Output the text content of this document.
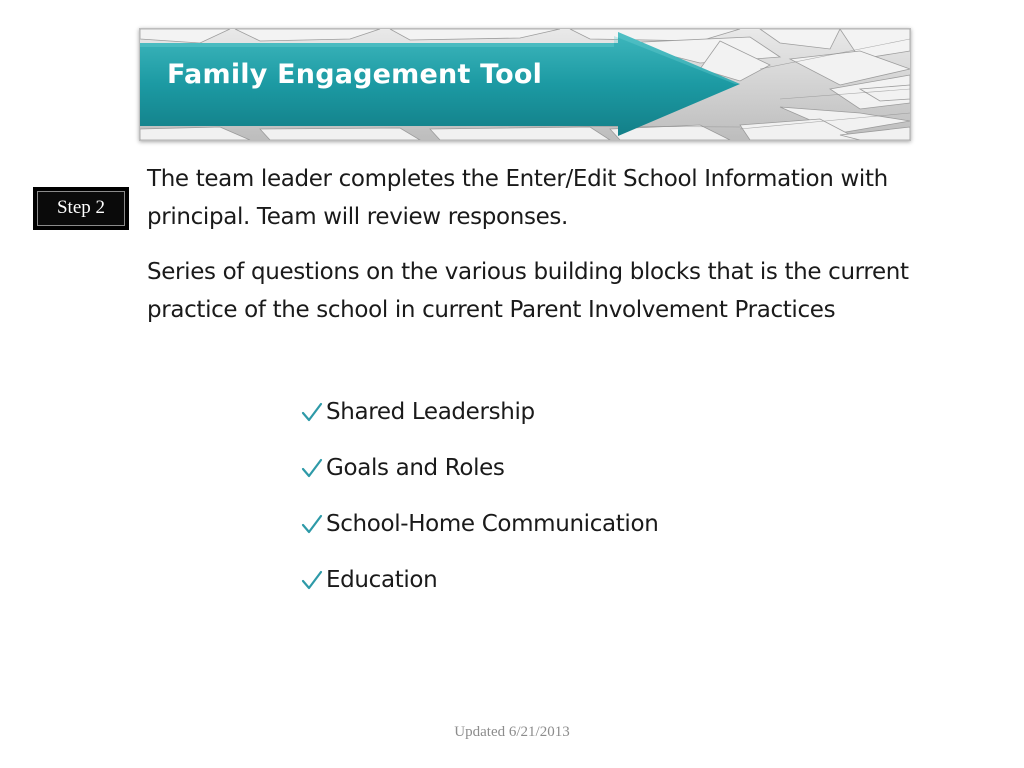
Family Engagement Tool
Step 2

The team leader completes the Enter/Edit School Information with principal. Team will review responses.

Series of questions on the various building blocks that is the current practice of the school in current Parent Involvement Practices

Shared Leadership
Goals and Roles
School-Home Communication
Education
Updated 6/21/2013
